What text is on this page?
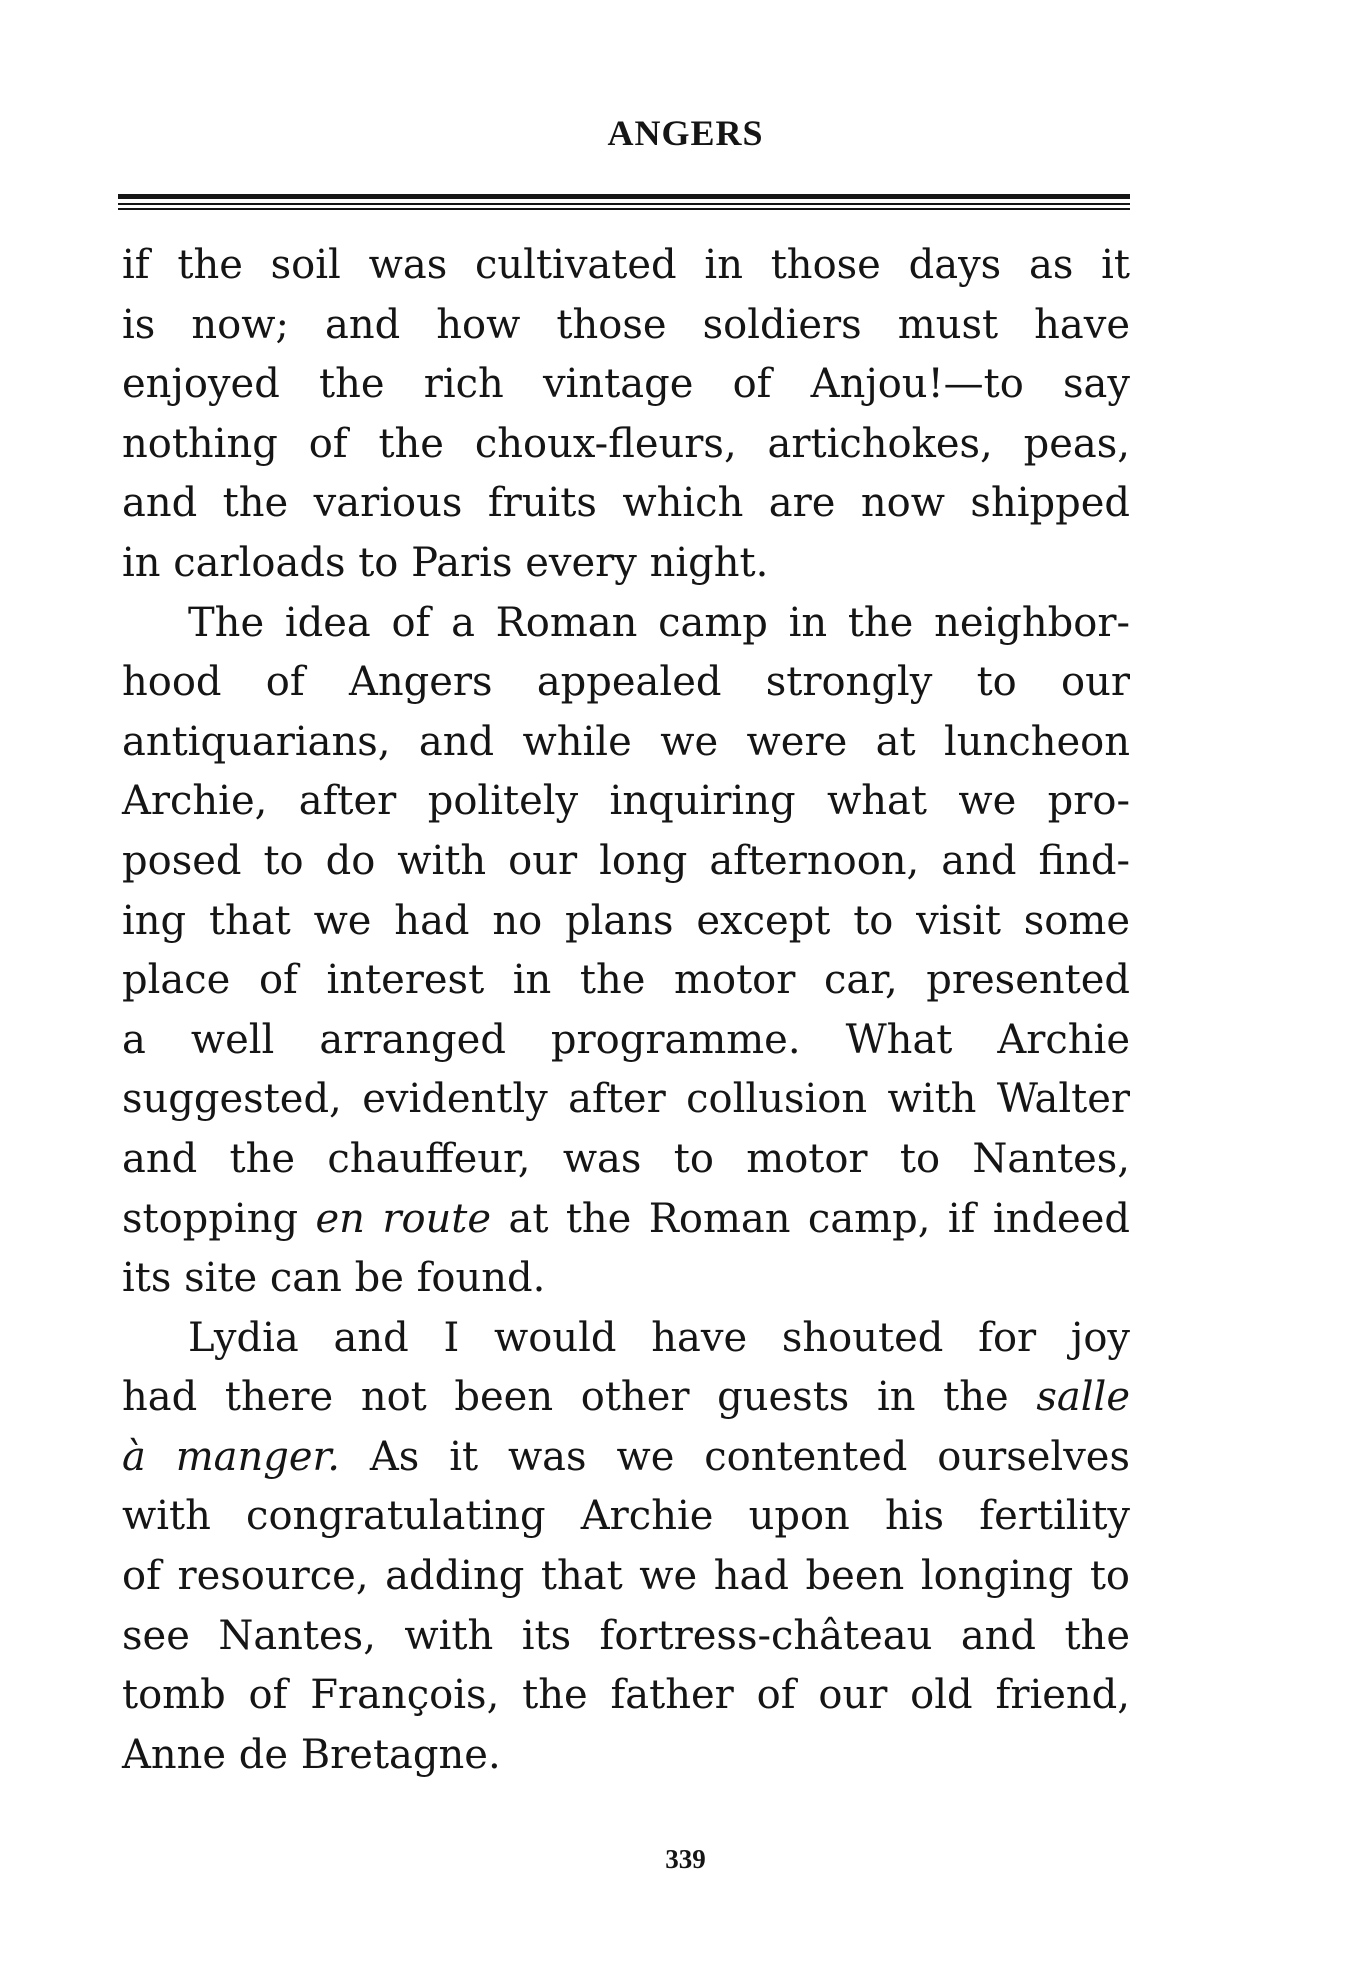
ANGERS
if the soil was cultivated in those days as it
is now; and how those soldiers must have
enjoyed the rich vintage of Anjou!—to say
nothing of the choux-fleurs, artichokes, peas,
and the various fruits which are now shipped
in carloads to Paris every night.
The idea of a Roman camp in the neighbor-
hood of Angers appealed strongly to our
antiquarians, and while we were at luncheon
Archie, after politely inquiring what we pro-
posed to do with our long afternoon, and find-
ing that we had no plans except to visit some
place of interest in the motor car, presented
a well arranged programme. What Archie
suggested, evidently after collusion with Walter
and the chauffeur, was to motor to Nantes,
stopping en route at the Roman camp, if indeed
its site can be found.
Lydia and I would have shouted for joy
had there not been other guests in the salle
à manger. As it was we contented ourselves
with congratulating Archie upon his fertility
of resource, adding that we had been longing to
see Nantes, with its fortress-château and the
tomb of François, the father of our old friend,
Anne de Bretagne.
339
